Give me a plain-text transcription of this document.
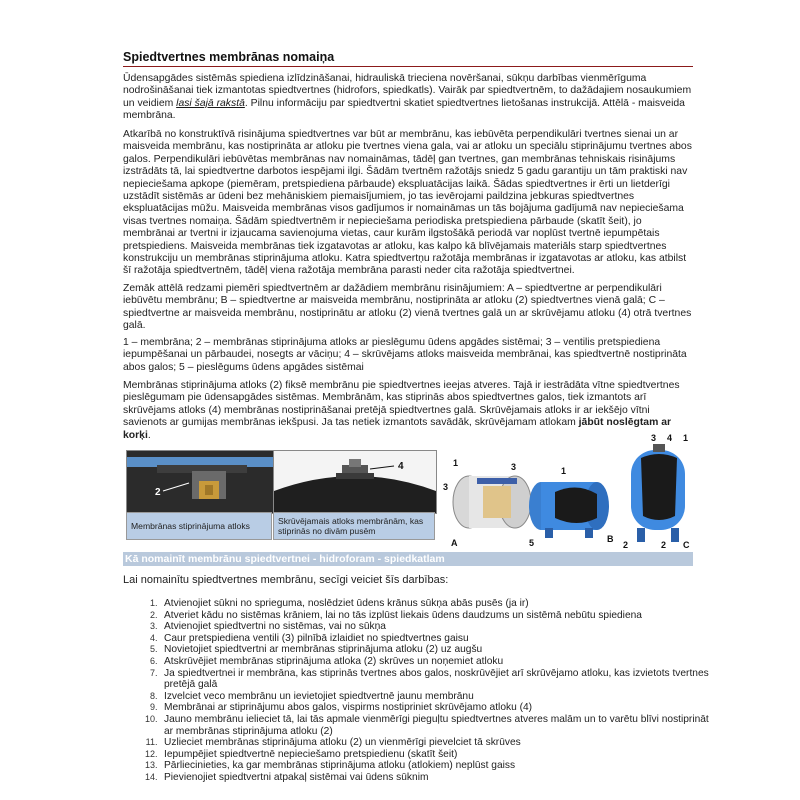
Spiedtvertnes membrānas nomaiņa

Ūdensapgādes sistēmās spiediena izlīdzināšanai, hidrauliskā trieciena novēršanai, sūkņu darbības vienmērīguma nodrošināšanai tiek izmantotas spiedtvertnes (hidrofors, spiedkatls). Vairāk par spiedtvertnēm, to dažādajiem nosaukumiem un veidiem lasi šajā rakstā. Pilnu informāciju par spiedtvertni skatiet spiedtvertnes lietošanas instrukcijā. Attēlā - maisveida membrāna.

Atkarībā no konstruktīvā risinājuma spiedtvertnes var būt ar membrānu, kas iebūvēta perpendikulāri tvertnes sienai un ar maisveida membrānu, kas nostiprināta ar atloku pie tvertnes viena gala, vai ar atloku un speciālu stiprinājumu tvertnes abos galos. Perpendikulāri iebūvētas membrānas nav nomaināmas, tādēļ gan tvertnes, gan membrānas tehniskais risinājums izstrādāts tā, lai spiedtvertne darbotos iespējami ilgi. Šādām tvertnēm ražotājs sniedz 5 gadu garantiju un tām praktiski nav nepieciešama apkope (piemēram, pretspiediena pārbaude) ekspluatācijas laikā. Šādas spiedtvertnes ir ērti un lietderīgi uzstādīt sistēmās ar ūdeni bez mehāniskiem piemaisījumiem, jo tas ievērojami paildzina jebkuras spiedtvertnes ekspluatācijas mūžu. Maisveida membrānas visos gadījumos ir nomaināmas un tās bojājuma gadījumā nav nepieciešama visas tvertnes nomaiņa. Šādām spiedtvertnēm ir nepieciešama periodiska pretspiediena pārbaude (skatīt šeit), jo membrānai ar tvertni ir izjaucama savienojuma vietas, caur kurām ilgstošākā periodā var noplūst tvertnē iepumpētais pretspiediens. Maisveida membrānas tiek izgatavotas ar atloku, kas kalpo kā blīvējamais materiāls starp spiedtvertnes konstrukciju un membrānas stiprinājuma atloku. Katra spiedtvertņu ražotāja membrānas ir izgatavotas ar atloku, kas atbilst šī ražotāja spiedtvertnēm, tādēļ viena ražotāja membrāna parasti neder cita ražotāja spiedtvertnei.

Zemāk attēlā redzami piemēri spiedtvertnēm ar dažādiem membrānu risinājumiem: A – spiedtvertne ar perpendikulāri iebūvētu membrānu; B – spiedtvertne ar maisveida membrānu, nostiprināta ar atloku (2) spiedtvertnes vienā galā; C – spiedtvertne ar maisveida membrānu, nostiprinātu ar atloku (2) vienā tvertnes galā un ar skrūvējamu atloku (4) otrā tvertnes galā.

1 – membrāna; 2 – membrānas stiprinājuma atloks ar pieslēgumu ūdens apgādes sistēmai; 3 – ventilis pretspiediena iepumpēšanai un pārbaudei, nosegts ar vāciņu; 4 – skrūvējams atloks maisveida membrānai, kas spiedtvertnē nostiprināta abos galos; 5 – pieslēgums ūdens apgādes sistēmai

Membrānas stiprinājuma atloks (2) fiksē membrānu pie spiedtvertnes ieejas atveres. Tajā ir iestrādāta vītne spiedtvertnes pieslēgumam pie ūdensapgādes sistēmas. Membrānām, kas stiprinās abos spiedtvertnes galos, tiek izmantots arī skrūvējams atloks (4) membrānas nostiprināšanai pretējā spiedtvertnes galā. Skrūvējamais atloks ir ar iekšējo vītni savienots ar gumijas membrānas iekšpusi. Ja tas netiek izmantots savādāk, skrūvējamam atlokam jābūt noslēgtam ar korķi.

2
Membrānas stiprinājuma atloks
4
Skrūvējamais atloks membrānām, kas stiprinās no divām pusēm
3
1
A	5
3	1
B
3 4 1
2	2 C
Kā nomainīt membrānu spiedtvertnei - hidroforam - spiedkatlam

Lai nomainītu spiedtvertnes membrānu, secīgi veiciet šīs darbības:

1. Atvienojiet sūkni no sprieguma, noslēdziet ūdens krānus sūkņa abās pusēs (ja ir)
2. Atveriet kādu no sistēmas krāniem, lai no tās izplūst liekais ūdens daudzums un sistēmā nebūtu spiediena
3. Atvienojiet spiedtvertni no sistēmas, vai no sūkņa
4. Caur pretspiediena ventili (3) pilnībā izlaidiet no spiedtvertnes gaisu
5. Novietojiet spiedtvertni ar membrānas stiprinājuma atloku (2) uz augšu
6. Atskrūvējiet membrānas stiprinājuma atloka (2) skrūves un noņemiet atloku
7. Ja spiedtvertnei ir membrāna, kas stiprinās tvertnes abos galos, noskrūvējiet arī skrūvējamo atloku, kas izvietots tvertnes pretējā galā
8. Izvelciet veco membrānu un ievietojiet spiedtvertnē jaunu membrānu
9. Membrānai ar stiprinājumu abos galos, vispirms nostipriniet skrūvējamo atloku (4)
10. Jauno membrānu ielieciet tā, lai tās apmale vienmērīgi pieguļtu spiedtvertnes atveres malām un to varētu blīvi nostiprināt ar membrānas stiprinājuma atloku (2)
11. Uzlieciet membrānas stiprinājuma atloku (2) un vienmērīgi pievelciet tā skrūves
12. Iepumpējiet spiedtvertnē nepieciešamo pretspiedienu (skatīt šeit)
13. Pārliecinieties, ka gar membrānas stiprinājuma atloku (atlokiem) neplūst gaiss
14. Pievienojiet spiedtvertni atpakaļ sistēmai vai ūdens sūknim
